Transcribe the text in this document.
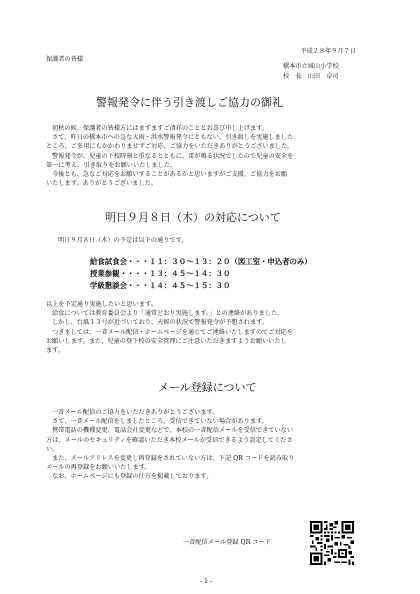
平成２８年９月７日
保護者の皆様
橋本市立城山小学校
校　長　山田　卓司
警報発令に伴う引き渡しご協力の御礼
初秋の候、保護者の皆様方にはますますご清祥のこととお喜び申し上げます。
さて、昨日の橋本市への急な大雨・洪水警報発令にともない、引き渡しを実施しました
ところ、ご多用にもかかわりませずご対応、ご協力をいただきありがとうございました。
警報発令が、児童の下校時刻と重なるとともに、雷が鳴る状況でしたので児童の安全を
第一に考え、引き取りをお願いいたしました。
今後とも、急なご対応をお願いすることがあるかと思いますがご支援、ご協力をお願
いたします。ありがとうございました。
明日９月８日（木）の対応について
明日９月８日（木）の予定は以下の通りです。
給食試食会・・・１１：３０～１３：２０（図工室・申込者のみ）
授業参観・・・・１３：４５～１４：３０
学級懇談会・・・１４：４５～１５：３０
以上を予定通り実施したいと思います。
給食については教育委員会より「通常どおり実施します。」との連絡がありました。
しかし、台風１３号が近づいており、天候の状況で警報発令が予想されます。
つきましては、一斉メール配信・ホームページを通じてご連絡いたしますのでご対応を
お願いします。また、児童の登下校の安全管理にご注意いただきますようお願いいたし
ます。
メール登録について
一斉メール配信のご協力をいただきありがとうございます。
さて、一斉メール配信をしましたところ、受信できていない場合があります。
携帯電話の機種変更、電話会社変更などで、本校の一斉配信メールを受信できていない
方は、メールのセキュリティを確認いただき本校メールが受信できるよう設定してくださ
い。
また、メールアドレスを変更し再登録をされていない方は、下記 QR コードを読み取り
メールの再登録をお願いいたします。
なお、ホームページにも登録の仕方を掲載しております。
一斉配信メール登録 QR コード
- 1 -
